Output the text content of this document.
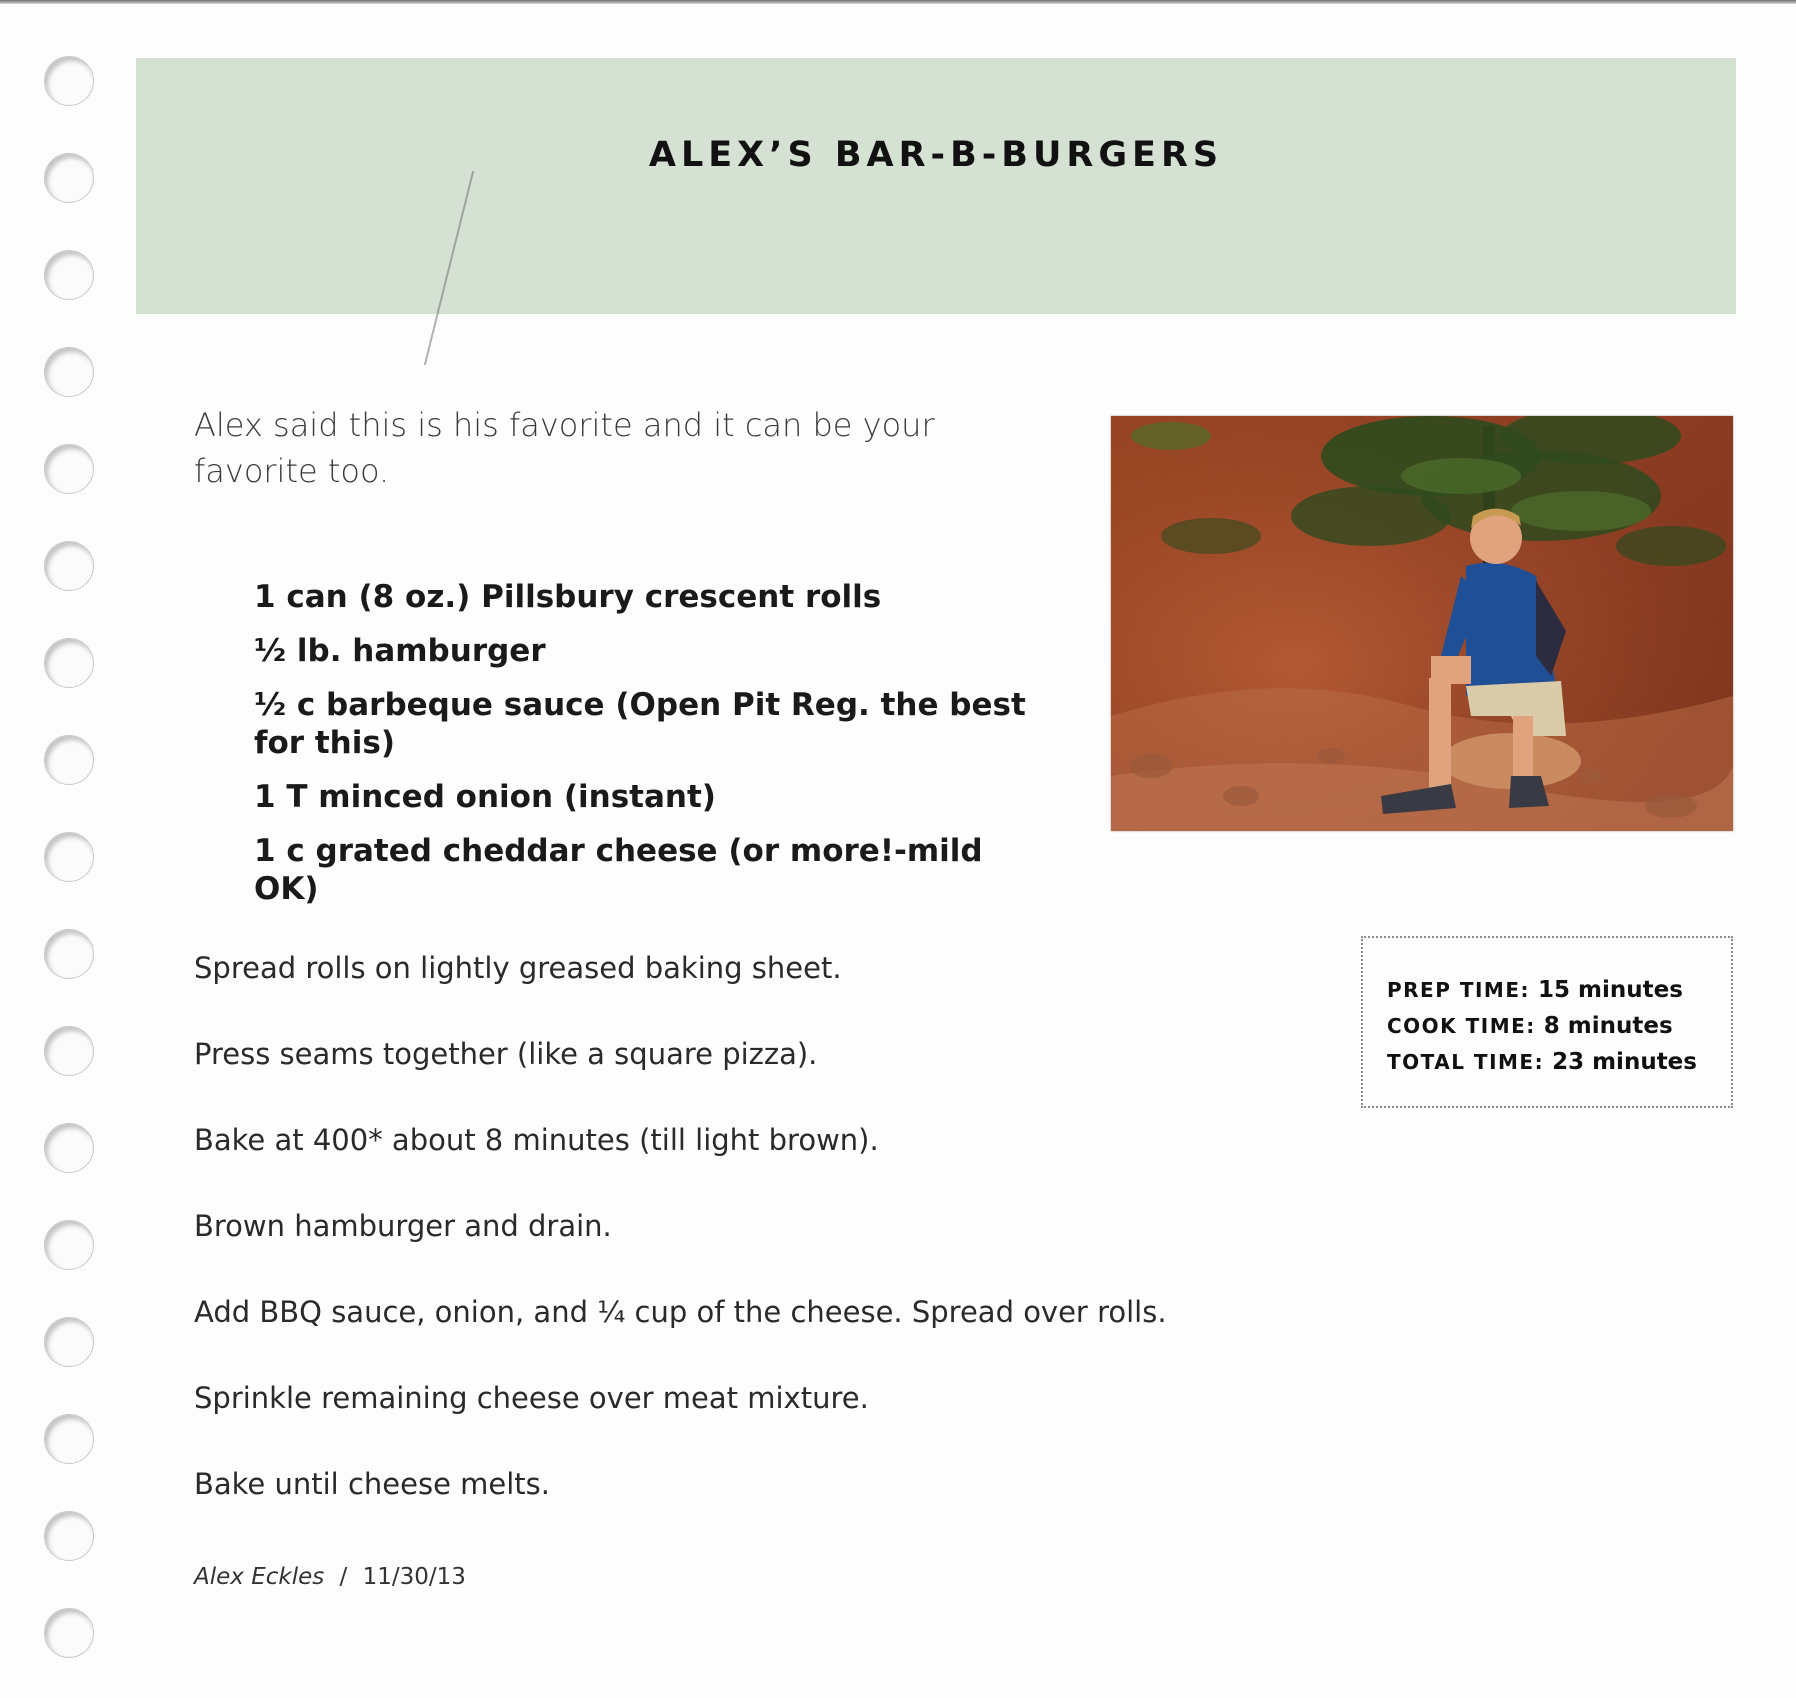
ALEX’S BAR-B-BURGERS
Alex said this is his favorite and it can be your favorite too.
1 can (8 oz.) Pillsbury crescent rolls
½ lb. hamburger
½ c barbeque sauce (Open Pit Reg. the best for this)
1 T minced onion (instant)
1 c grated cheddar cheese (or more!-mild OK)
Spread rolls on lightly greased baking sheet.
Press seams together (like a square pizza).
Bake at 400* about 8 minutes (till light brown).
Brown hamburger and drain.
Add BBQ sauce, onion, and ¼ cup of the cheese. Spread over rolls.
Sprinkle remaining cheese over meat mixture.
Bake until cheese melts.
Alex Eckles / 11/30/13
PREP TIME: 15 minutes
COOK TIME: 8 minutes
TOTAL TIME: 23 minutes
